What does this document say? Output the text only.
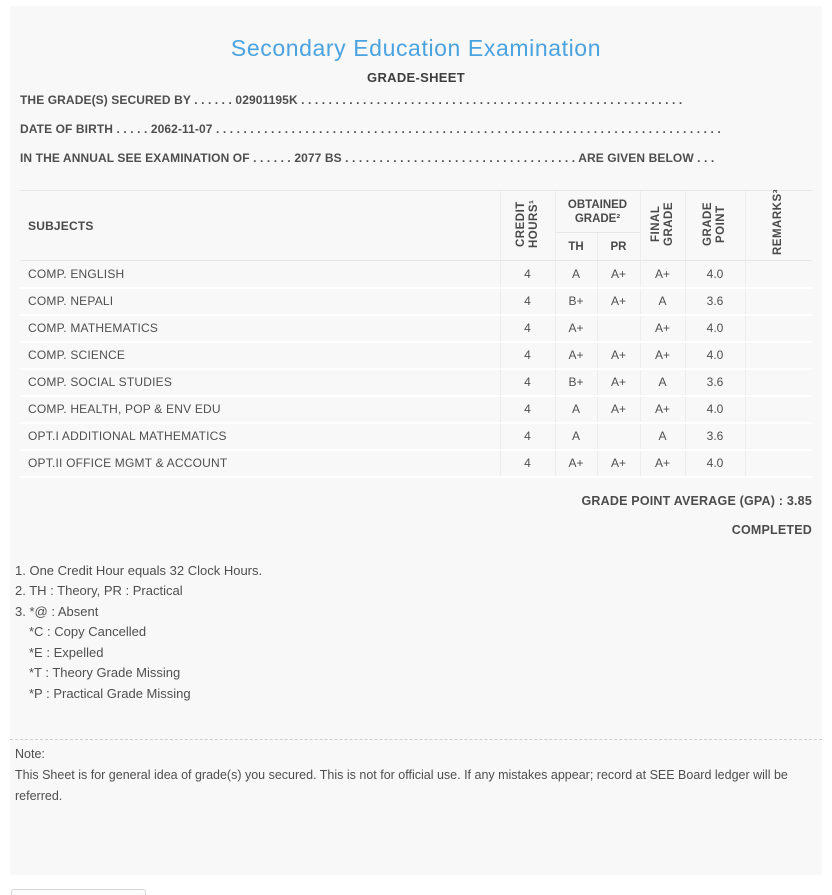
Secondary Education Examination
GRADE-SHEET
THE GRADE(S) SECURED BY . . . . . . 02901195K . . . . . . . . . . . . . . . . . . . . . . . . . . . . . . . . . . . . . . . . . . . . . . . . . . . . . . . .
DATE OF BIRTH . . . . . 2062-11-07 . . . . . . . . . . . . . . . . . . . . . . . . . . . . . . . . . . . . . . . . . . . . . . . . . . . . . . . . . . . . . . . . . . . . . . . . . .
IN THE ANNUAL SEE EXAMINATION OF . . . . . . 2077 BS . . . . . . . . . . . . . . . . . . . . . . . . . . . . . . . . . . ARE GIVEN BELOW . . .
SUBJECTS	CREDIT HOURS¹	OBTAINED GRADE²		FINAL GRADE	GRADE POINT	REMARKS³
		TH	PR			
COMP. ENGLISH	4	A	A+	A+	4.0	
COMP. NEPALI	4	B+	A+	A	3.6	
COMP. MATHEMATICS	4	A+		A+	4.0	
COMP. SCIENCE	4	A+	A+	A+	4.0	
COMP. SOCIAL STUDIES	4	B+	A+	A	3.6	
COMP. HEALTH, POP & ENV EDU	4	A	A+	A+	4.0	
OPT.I ADDITIONAL MATHEMATICS	4	A		A	3.6	
OPT.II OFFICE MGMT & ACCOUNT	4	A+	A+	A+	4.0	
GRADE POINT AVERAGE (GPA) : 3.85
COMPLETED
1. One Credit Hour equals 32 Clock Hours.
2. TH : Theory, PR : Practical
3. *@ : Absent
*C : Copy Cancelled
*E : Expelled
*T : Theory Grade Missing
*P : Practical Grade Missing
Note:
This Sheet is for general idea of grade(s) you secured. This is not for official use. If any mistakes appear; record at SEE Board ledger will be referred.
